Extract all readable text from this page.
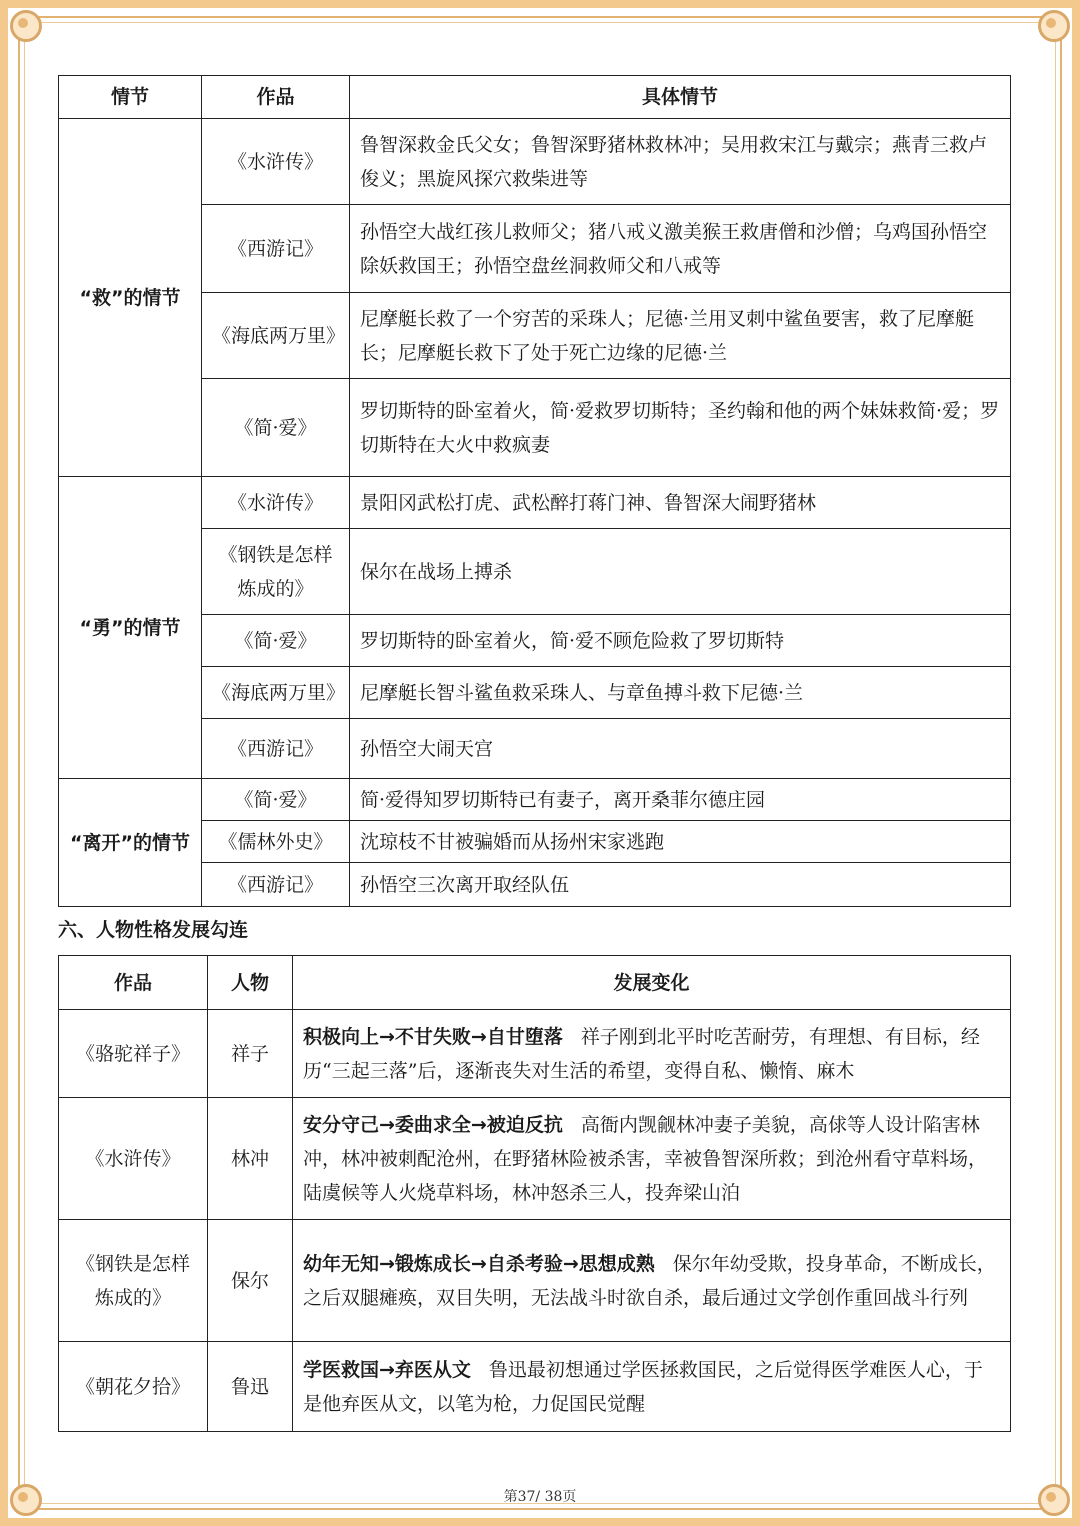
情节	作品	具体情节
“救”的情节	《水浒传》	鲁智深救金氏父女；鲁智深野猪林救林冲；吴用救宋江与戴宗；燕青三救卢俊义；黑旋风探穴救柴进等
	《西游记》	孙悟空大战红孩儿救师父；猪八戒义激美猴王救唐僧和沙僧；乌鸡国孙悟空除妖救国王；孙悟空盘丝洞救师父和八戒等
	《海底两万里》	尼摩艇长救了一个穷苦的采珠人；尼德·兰用叉刺中鲨鱼要害，救了尼摩艇长；尼摩艇长救下了处于死亡边缘的尼德·兰
	《简·爱》	罗切斯特的卧室着火，简·爱救罗切斯特；圣约翰和他的两个妹妹救简·爱；罗切斯特在大火中救疯妻
“勇”的情节	《水浒传》	景阳冈武松打虎、武松醉打蒋门神、鲁智深大闹野猪林
	《钢铁是怎样炼成的》	保尔在战场上搏杀
	《简·爱》	罗切斯特的卧室着火，简·爱不顾危险救了罗切斯特
	《海底两万里》	尼摩艇长智斗鲨鱼救采珠人、与章鱼搏斗救下尼德·兰
	《西游记》	孙悟空大闹天宫
“离开”的情节	《简·爱》	简·爱得知罗切斯特已有妻子，离开桑菲尔德庄园
	《儒林外史》	沈琼枝不甘被骗婚而从扬州宋家逃跑
	《西游记》	孙悟空三次离开取经队伍
六、人物性格发展勾连
作品	人物	发展变化
《骆驼祥子》	祥子	积极向上→不甘失败→自甘堕落 祥子刚到北平时吃苦耐劳，有理想、有目标，经历“三起三落”后，逐渐丧失对生活的希望，变得自私、懒惰、麻木
《水浒传》	林冲	安分守己→委曲求全→被迫反抗 高衙内觊觎林冲妻子美貌，高俅等人设计陷害林冲，林冲被刺配沧州，在野猪林险被杀害，幸被鲁智深所救；到沧州看守草料场，陆虞候等人火烧草料场，林冲怒杀三人，投奔梁山泊
《钢铁是怎样炼成的》	保尔	幼年无知→锻炼成长→自杀考验→思想成熟 保尔年幼受欺，投身革命，不断成长，之后双腿瘫痪，双目失明，无法战斗时欲自杀，最后通过文学创作重回战斗行列
《朝花夕拾》	鲁迅	学医救国→弃医从文 鲁迅最初想通过学医拯救国民，之后觉得医学难医人心，于是他弃医从文，以笔为枪，力促国民觉醒
第37/ 38页
